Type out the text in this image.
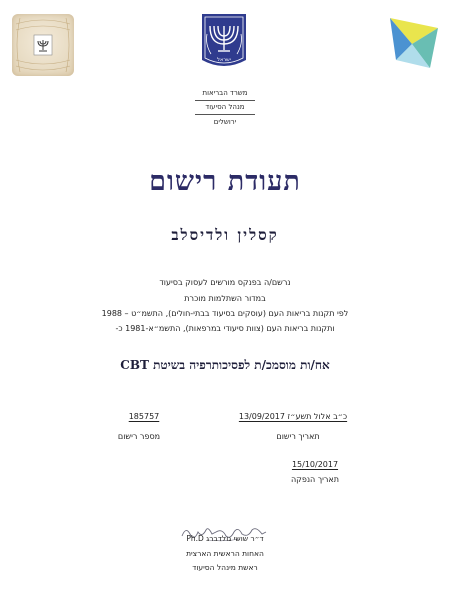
ישראל
משרד הבריאות
מנהל הסיעוד
ירושלים
תעודת רישום
קסלין ולדיסלב
נרשם/ה בפנקס מורשים לעסוק בסיעוד
במדור השתלמות מוכרת
לפי תקנות בריאות העם (עוסקים בסיעוד בבתי-חולים), התשמ״ט – 1988
ותקנות בריאות העם (צוות סיעודי במרפאות), התשמ״א-1981 כ-
אח/ות מוסמכ/ת לפסיכותרפיה בשיטת CBT
כ״ב אלול תשע״ז 13/09/2017
תאריך רישום
185757
מספר רישום
15/10/2017
תאריך הנפקה
ד״ר שושי גולדברג Ph.D
האחות הראשית הארצית
ראשת מינהל הסיעוד
